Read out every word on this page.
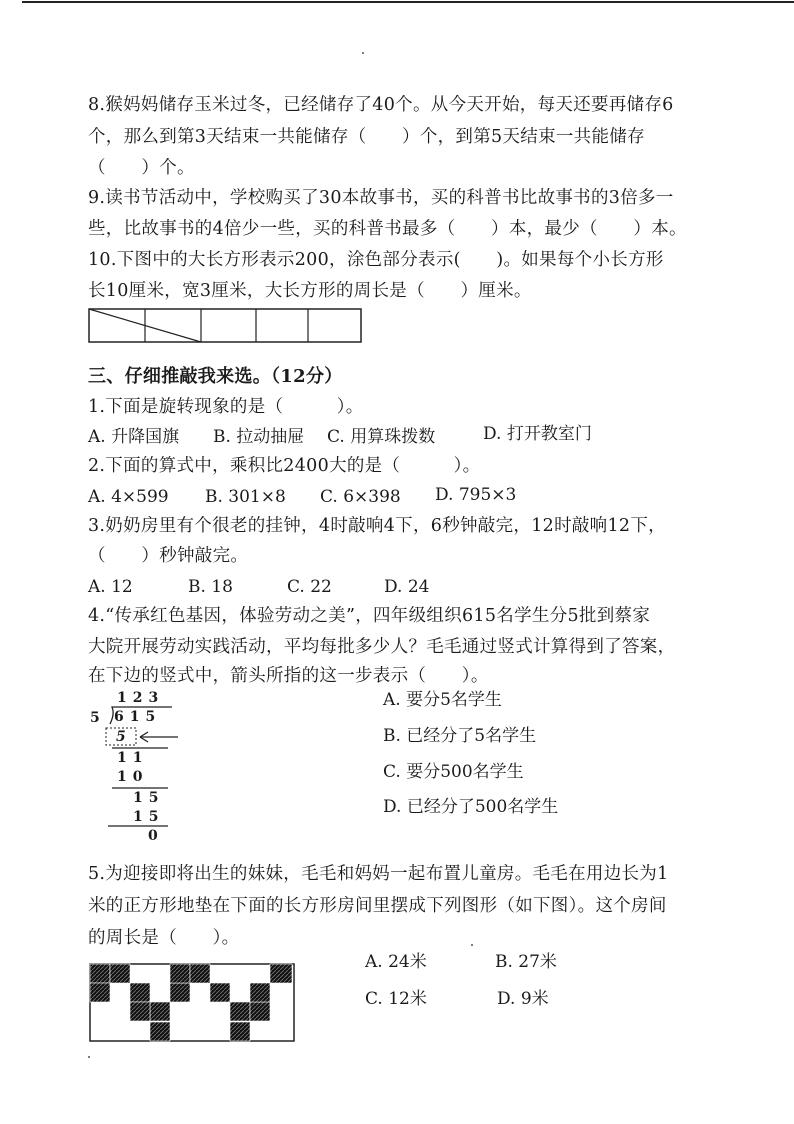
8.猴妈妈储存玉米过冬，已经储存了40个。从今天开始，每天还要再储存6
个，那么到第3天结束一共能储存（　　）个，到第5天结束一共能储存
（　　）个。
9.读书节活动中，学校购买了30本故事书，买的科普书比故事书的3倍多一
些，比故事书的4倍少一些，买的科普书最多（　　）本，最少（　　）本。
10.下图中的大长方形表示200，涂色部分表示(　　)。如果每个小长方形
长10厘米，宽3厘米，大长方形的周长是（　　）厘米。
三、仔细推敲我来选。（12分）
1.下面是旋转现象的是（　　　）。
A. 升降国旗 B. 拉动抽屉 C. 用算珠拨数	D. 打开教室门
2.下面的算式中，乘积比2400大的是（　　　）。
A. 4×599 B. 301×8 C. 6×398 D. 795×3
3.奶奶房里有个很老的挂钟，4时敲响4下，6秒钟敲完，12时敲响12下，
（　　）秒钟敲完。
A. 12	B. 18	C. 22	D. 24
4.“传承红色基因，体验劳动之美”，四年级组织615名学生分5批到蔡家
大院开展劳动实践活动，平均每批多少人？毛毛通过竖式计算得到了答案，
在下边的竖式中，箭头所指的这一步表示（　　）。
123
5 615
5
11
10
15
15
0
A. 要分5名学生
B. 已经分了5名学生
C. 要分500名学生
D. 已经分了500名学生
5.为迎接即将出生的妹妹，毛毛和妈妈一起布置儿童房。毛毛在用边长为1
米的正方形地垫在下面的长方形房间里摆成下列图形（如下图）。这个房间
的周长是（　　）。
A. 24米	B. 27米
C. 12米	D. 9米
